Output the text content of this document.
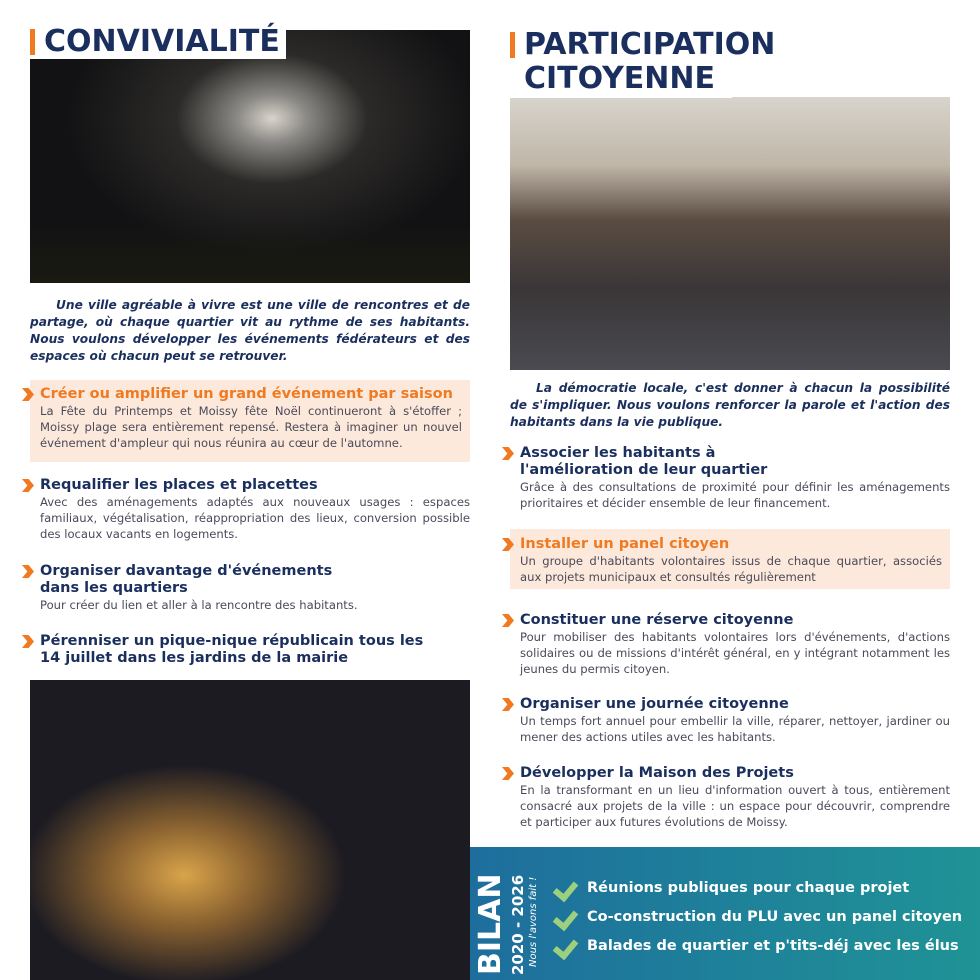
CONVIVIALITÉ
Une ville agréable à vivre est une ville de rencontres et de partage, où chaque quartier vit au rythme de ses habitants. Nous voulons développer les événements fédérateurs et des espaces où chacun peut se retrouver.
Créer ou amplifier un grand événement par saison

La Fête du Printemps et Moissy fête Noël continueront à s'étoffer ; Moissy plage sera entièrement repensé. Restera à imaginer un nouvel événement d'ampleur qui nous réunira au cœur de l'automne.

Requalifier les places et placettes

Avec des aménagements adaptés aux nouveaux usages : espaces familiaux, végétalisation, réappropriation des lieux, conversion possible des locaux vacants en logements.

Organiser davantage d'événements dans les quartiers

Pour créer du lien et aller à la rencontre des habitants.

Pérenniser un pique-nique républicain tous les 14 juillet dans les jardins de la mairie
PARTICIPATION
CITOYENNE
La démocratie locale, c'est donner à chacun la possibilité de s'impliquer. Nous voulons renforcer la parole et l'action des habitants dans la vie publique.
Associer les habitants à l'amélioration de leur quartier

Grâce à des consultations de proximité pour définir les aménagements prioritaires et décider ensemble de leur financement.

Installer un panel citoyen

Un groupe d'habitants volontaires issus de chaque quartier, associés aux projets municipaux et consultés régulièrement

Constituer une réserve citoyenne

Pour mobiliser des habitants volontaires lors d'événements, d'actions solidaires ou de missions d'intérêt général, en y intégrant notamment les jeunes du permis citoyen.

Organiser une journée citoyenne

Un temps fort annuel pour embellir la ville, réparer, nettoyer, jardiner ou mener des actions utiles avec les habitants.

Développer la Maison des Projets

En la transformant en un lieu d'information ouvert à tous, entièrement consacré aux projets de la ville : un espace pour découvrir, comprendre et participer aux futures évolutions de Moissy.

BILAN 2020 - 2026 Nous l'avons fait !	Réunions publiques pour chaque projet
Co-construction du PLU avec un panel citoyen
Balades de quartier et p'tits-déj avec les élus
